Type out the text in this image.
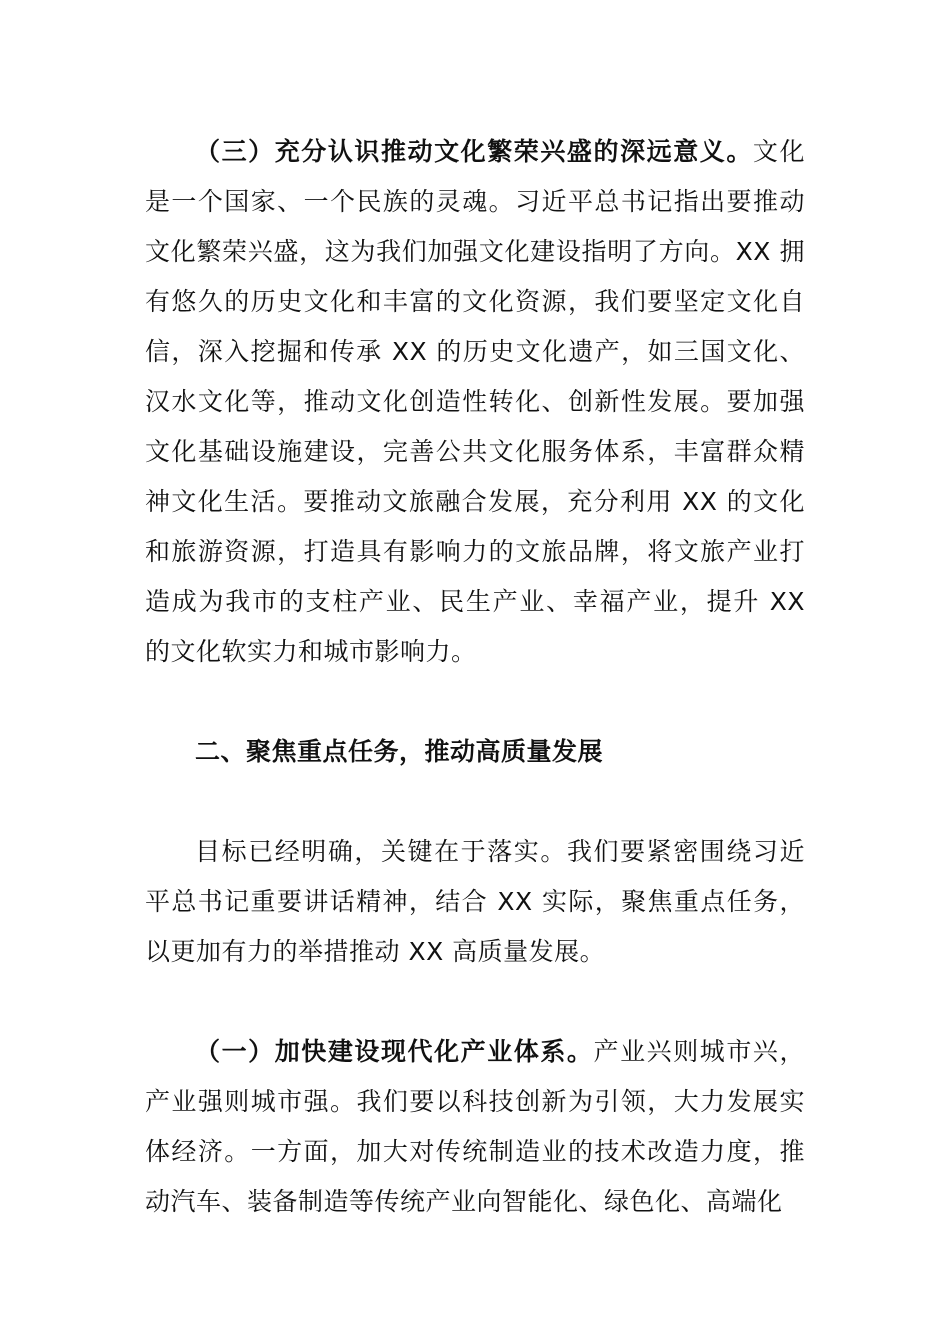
（三）充分认识推动文化繁荣兴盛的深远意义。文化是一个国家、一个民族的灵魂。习近平总书记指出要推动文化繁荣兴盛，这为我们加强文化建设指明了方向。XX 拥有悠久的历史文化和丰富的文化资源，我们要坚定文化自信，深入挖掘和传承 XX 的历史文化遗产，如三国文化、汉水文化等，推动文化创造性转化、创新性发展。要加强文化基础设施建设，完善公共文化服务体系，丰富群众精神文化生活。要推动文旅融合发展，充分利用 XX 的文化和旅游资源，打造具有影响力的文旅品牌，将文旅产业打造成为我市的支柱产业、民生产业、幸福产业，提升 XX 的文化软实力和城市影响力。

二、聚焦重点任务，推动高质量发展

目标已经明确，关键在于落实。我们要紧密围绕习近平总书记重要讲话精神，结合 XX 实际，聚焦重点任务，以更加有力的举措推动 XX 高质量发展。

（一）加快建设现代化产业体系。产业兴则城市兴，产业强则城市强。我们要以科技创新为引领，大力发展实体经济。一方面，加大对传统制造业的技术改造力度，推动汽车、装备制造等传统产业向智能化、绿色化、高端化
